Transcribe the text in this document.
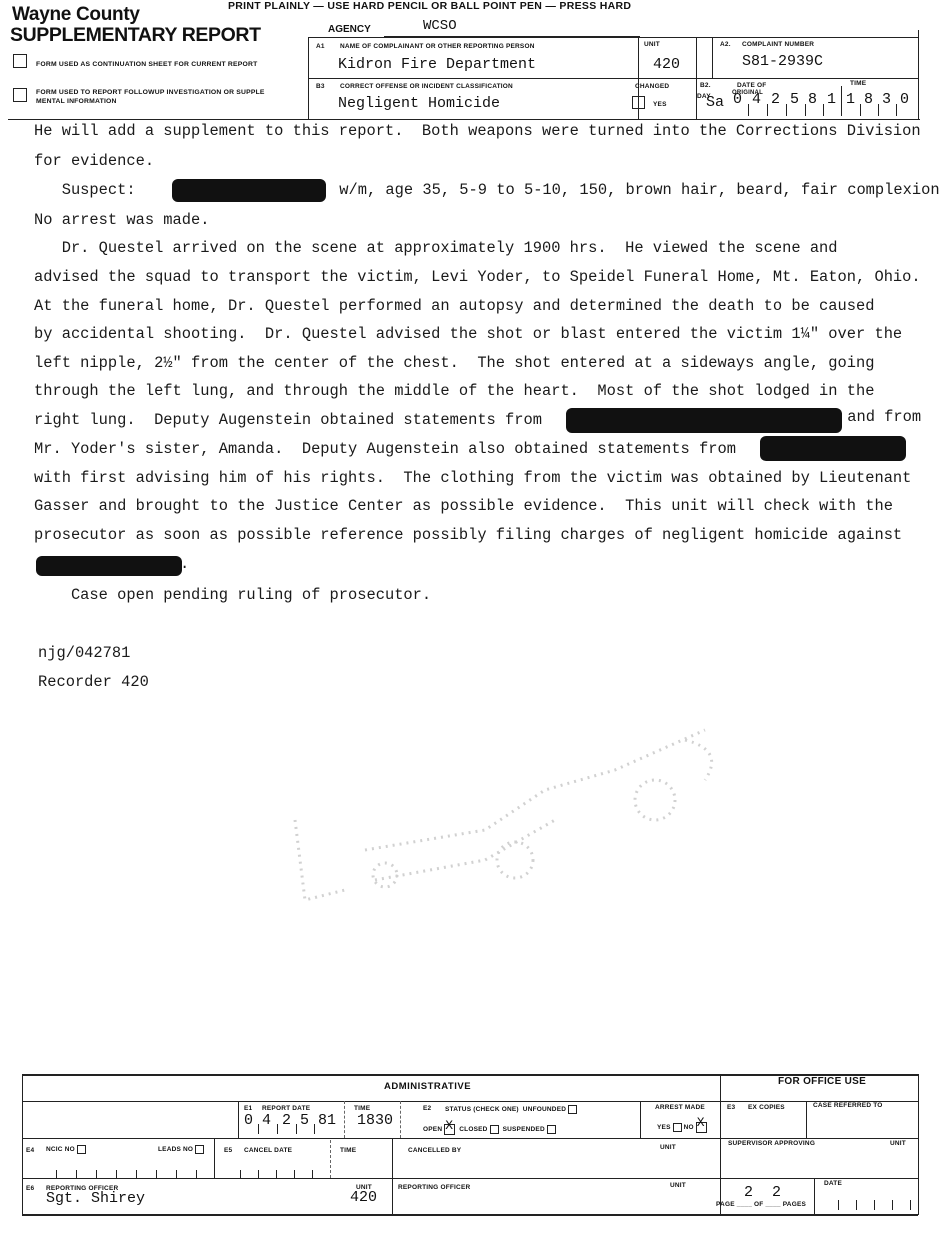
Wayne County
SUPPLEMENTARY REPORT
PRINT PLAINLY — USE HARD PENCIL OR BALL POINT PEN — PRESS HARD
AGENCY	WCSO
FORM USED AS CONTINUATION SHEET FOR CURRENT REPORT
FORM USED TO REPORT FOLLOWUP INVESTIGATION OR SUPPLE
MENTAL INFORMATION
A1 NAME OF COMPLAINANT OR OTHER REPORTING PERSON
Kidron Fire Department
UNIT
420
A2. COMPLAINT NUMBER
S81-2939C
B3 CORRECT OFFENSE OR INCIDENT CLASSIFICATION
Negligent Homicide
CHANGED
YES
B2.
DAY
DATE OF
ORIGINAL
TIME
Sa 0 4 2 5 8 1 1 8 3 0
He will add a supplement to this report.  Both weapons were turned into the Corrections Division
for evidence.
Suspect:	w/m, age 35, 5-9 to 5-10, 150, brown hair, beard, fair complexion
No arrest was made.
Dr. Questel arrived on the scene at approximately 1900 hrs.  He viewed the scene and
advised the squad to transport the victim, Levi Yoder, to Speidel Funeral Home, Mt. Eaton, Ohio.
At the funeral home, Dr. Questel performed an autopsy and determined the death to be caused
by accidental shooting.  Dr. Questel advised the shot or blast entered the victim 1¼" over the
left nipple, 2½" from the center of the chest.  The shot entered at a sideways angle, going
through the left lung, and through the middle of the heart.  Most of the shot lodged in the
right lung.  Deputy Augenstein obtained statements from	and from
Mr. Yoder's sister, Amanda.  Deputy Augenstein also obtained statements from
with first advising him of his rights.  The clothing from the victim was obtained by Lieutenant
Gasser and brought to the Justice Center as possible evidence.  This unit will check with the
prosecutor as soon as possible reference possibly filing charges of negligent homicide against
.
Case open pending ruling of prosecutor.
njg/042781
Recorder 420
ADMINISTRATIVE	FOR OFFICE USE
E1 REPORT DATE
0 4 2 5 81
TIME
1830
E2 STATUS (CHECK ONE) UNFOUNDED
OPEN X CLOSED SUSPENDED
ARREST MADE
YES NO X
E3 EX COPIES	CASE REFERRED TO
E4 NCIC NO	LEADS NO	E5 CANCEL DATE	TIME	CANCELLED BY	UNIT
SUPERVISOR APPROVING	UNIT
E6 REPORTING OFFICER
Sgt. Shirey
UNIT
420
REPORTING OFFICER	UNIT	2 2
PAGE ____ OF ____ PAGES
DATE
